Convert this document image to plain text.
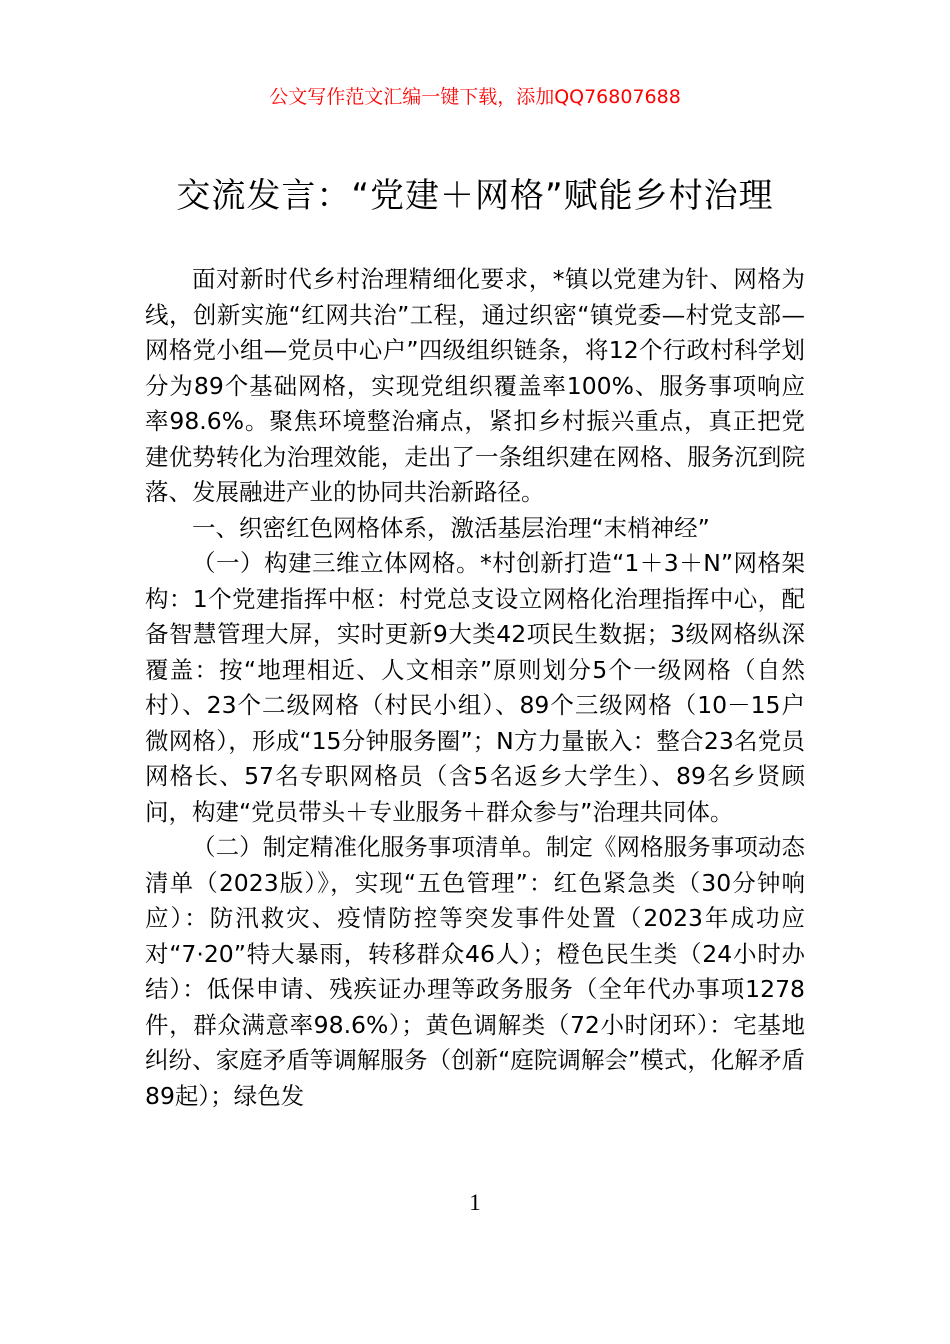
公文写作范文汇编一键下载，添加QQ76807688
交流发言：“党建＋网格”赋能乡村治理

面对新时代乡村治理精细化要求，*镇以党建为针、网格为线，创新实施“红网共治”工程，通过织密“镇党委—村党支部—网格党小组—党员中心户”四级组织链条，将12个行政村科学划分为89个基础网格，实现党组织覆盖率100%、服务事项响应率98.6%。聚焦环境整治痛点，紧扣乡村振兴重点，真正把党建优势转化为治理效能，走出了一条组织建在网格、服务沉到院落、发展融进产业的协同共治新路径。

一、织密红色网格体系，激活基层治理“末梢神经”

（一）构建三维立体网格。*村创新打造“1＋3＋N”网格架构：1个党建指挥中枢：村党总支设立网格化治理指挥中心，配备智慧管理大屏，实时更新9大类42项民生数据；3级网格纵深覆盖：按“地理相近、人文相亲”原则划分5个一级网格（自然村）、23个二级网格（村民小组）、89个三级网格（10－15户微网格），形成“15分钟服务圈”；N方力量嵌入：整合23名党员网格长、57名专职网格员（含5名返乡大学生）、89名乡贤顾问，构建“党员带头＋专业服务＋群众参与”治理共同体。

（二）制定精准化服务事项清单。制定《网格服务事项动态清单（2023版）》，实现“五色管理”：红色紧急类（30分钟响应）：防汛救灾、疫情防控等突发事件处置（2023年成功应对“7·20”特大暴雨，转移群众46人）；橙色民生类（24小时办结）：低保申请、残疾证办理等政务服务（全年代办事项1278件，群众满意率98.6%）；黄色调解类（72小时闭环）：宅基地纠纷、家庭矛盾等调解服务（创新“庭院调解会”模式，化解矛盾89起）；绿色发

1
